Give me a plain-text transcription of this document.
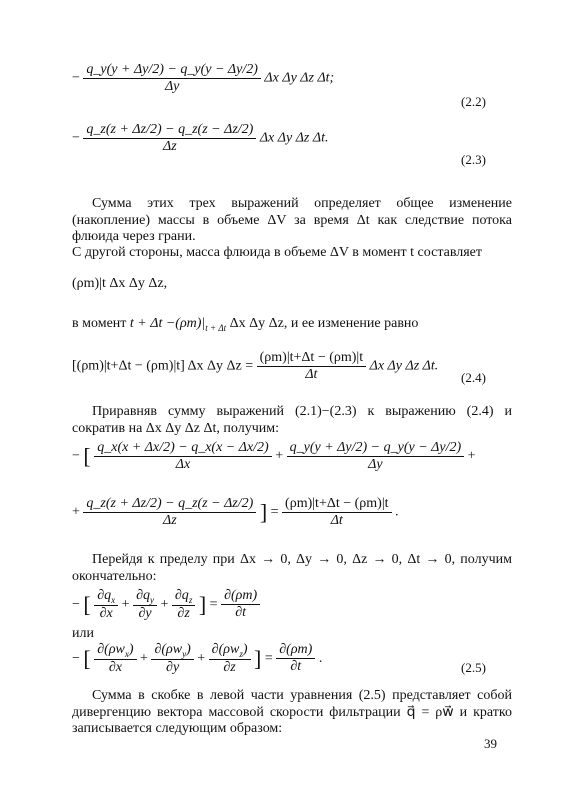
− $\frac{q\_y(y + \Delta y/2) - q\_y(y - \Delta y/2)}{\Delta y}$ Δx Δy Δz Δt;
(2.2)
− $\frac{q\_z(z + \Delta z/2) - q\_z(z - \Delta z/2)}{\Delta z}$ Δx Δy Δz Δt.
(2.3)
Сумма этих трех выражений определяет общее изменение (накопление) массы в объеме ΔV за время Δt как следствие потока флюида через грани.
С другой стороны, масса флюида в объеме ΔV в момент t составляет
(ρm)|t Δx Δy Δz,
в момент $t + \Delta t -(\rho m)|_{t + \Delta t}$ Δx Δy Δz, и ее изменение равно
[(ρm)|t+Δt − (ρm)|t] Δx Δy $\Delta z = \frac{(\rho m)|t+\Delta t - (\rho m)|t}{\Delta t}$ Δx Δy Δz Δt.
(2.4)
Приравняв сумму выражений (2.1)−(2.3) к выражению (2.4) и сократив на Δx Δy Δz Δt, получим:
− [ $\frac{q\_x(x + \Delta x/2) - q\_x(x - \Delta x/2)}{\Delta x} + \frac{q\_y(y + \Delta y/2) - q\_y(y - \Delta y/2)}{\Delta y}$ +
+ $\frac{q\_z(z + \Delta z/2) - q\_z(z - \Delta z/2)}{\Delta z}$ ] = $\frac{(\rho m)|t+\Delta t - (\rho m)|t}{\Delta t}$ .
Перейдя к пределу при Δx → 0, Δy → 0, Δz → 0, Δt → 0, получим окончательно:
− [ $\frac{\partial q_x}{\partial x} + \frac{\partial q_y}{\partial y} + \frac{\partial q_z}{\partial z}$ ] = $\frac{\partial(\rho m)}{\partial t}$
или
− [ $\frac{\partial(\rho w_x)}{\partial x} + \frac{\partial(\rho w_y)}{\partial y} + \frac{\partial(\rho w_z)}{\partial z}$ ] = $\frac{\partial(\rho m)}{\partial t}$ .
(2.5)
Сумма в скобке в левой части уравнения (2.5) представляет собой дивергенцию вектора массовой скорости фильтрации q⃗ = ρw⃗ и кратко записывается следующим образом:
39
